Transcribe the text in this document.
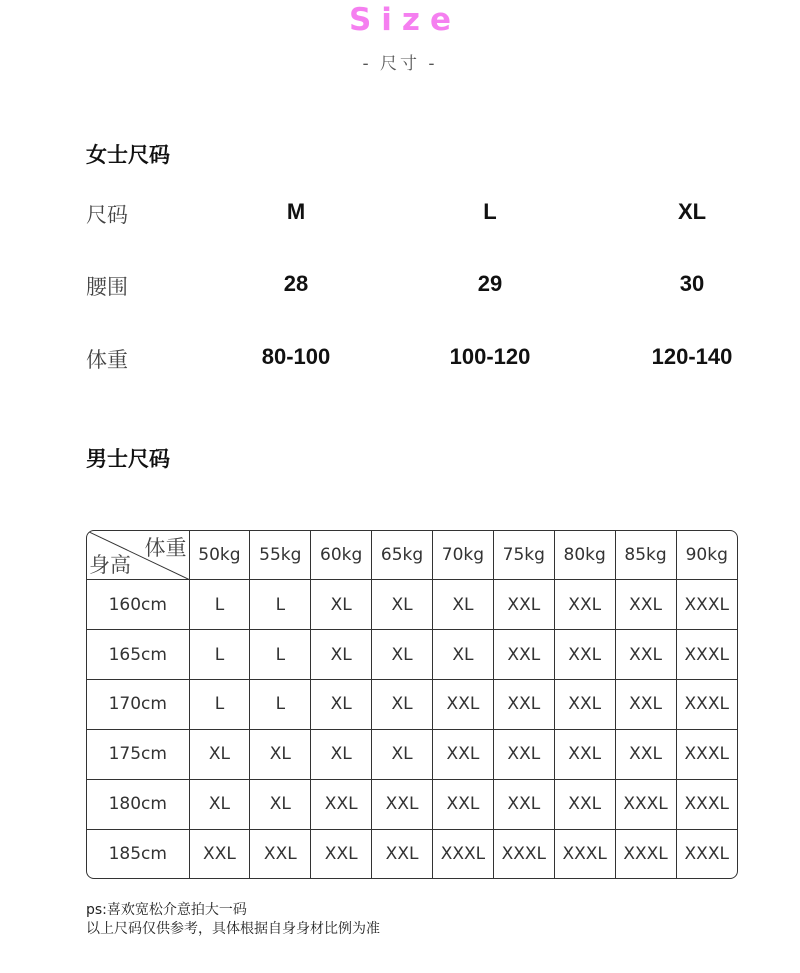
Size
- 尺寸 -
女士尺码
尺码	M	L	XL
腰围	28	29	30
体重	80-100	100-120	120-140
男士尺码
体重
身高	50kg	55kg	60kg	65kg	70kg	75kg	80kg	85kg	90kg
160cm	L	L	XL	XL	XL	XXL	XXL	XXL	XXXL
165cm	L	L	XL	XL	XL	XXL	XXL	XXL	XXXL
170cm	L	L	XL	XL	XXL	XXL	XXL	XXL	XXXL
175cm	XL	XL	XL	XL	XXL	XXL	XXL	XXL	XXXL
180cm	XL	XL	XXL	XXL	XXL	XXL	XXL	XXXL	XXXL
185cm	XXL	XXL	XXL	XXL	XXXL	XXXL	XXXL	XXXL	XXXL
ps:喜欢宽松介意拍大一码
以上尺码仅供参考，具体根据自身身材比例为准
